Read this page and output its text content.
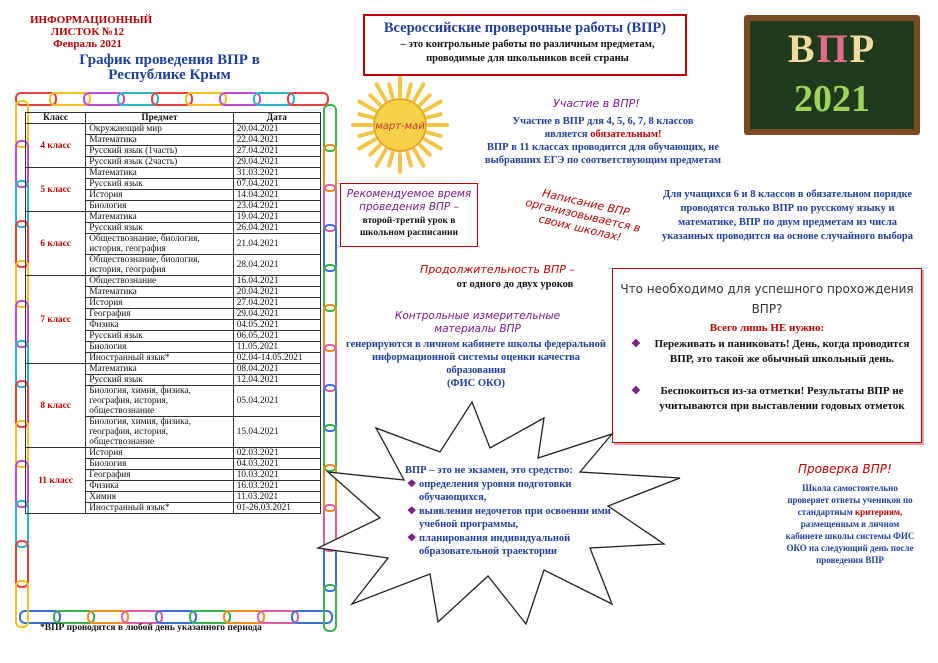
ИНФОРМАЦИОННЫЙ
ЛИСТОК №12
Февраль 2021
График проведения ВПР в
Республике Крым
Класс	Предмет	Дата
4 класс	Окружающий мир	20.04.2021
	Математика	22.04.2021
	Русский язык (1часть)	27.04.2021
	Русский язык (2часть)	29.04.2021
5 класс	Математика	31.03.2021
	Русский язык	07.04.2021
	История	14.04.2021
	Биология	23.04.2021
6 класс	Математика	19.04.2021
	Русский язык	26.04.2021
	Обществознание, биология, история, география	21.04.2021
	Обществознание, биология, история, география	28.04.2021
7 класс	Обществознание	16.04.2021
	Математика	20.04.2021
	История	27.04.2021
	География	29.04.2021
	Физика	04.05.2021
	Русский язык	06.05.2021
	Биология	11.05.2021
	Иностранный язык*	02.04-14.05.2021
8 класс	Математика	08.04.2021
	Русский язык	12.04.2021
	Биология, химия, физика, география, история, обществознание	05.04.2021
	Биология, химия, физика, география, история, обществознание	15.04.2021
11 класс	История	02.03.2021
	Биология	04.03.2021
	География	10.03.2021
	Физика	16.03.2021
	Химия	11.03.2021
	Иностранный язык*	01-26.03.2021
*ВПР проводятся в любой день указанного периода
Всероссийские проверочные работы (ВПР)
– это контрольные работы по различным предметам, проводимые для школьников всей страны
март-май
ВПР
2021
Участие в ВПР!
Участие в ВПР для 4, 5, 6, 7, 8 классов
является обязательным!
ВПР в 11 классах проводится для обучающих, не выбравших ЕГЭ по соответствующим предметам
Рекомендуемое время проведения ВПР –
второй-третий урок в школьном расписании
Написание ВПР организовывается в своих школах!
Для учащихся 6 и 8 классов в обязательном порядке проводятся только ВПР по русскому языку и математике, ВПР по двум предметам из числа указанных проводится на основе случайного выбора
Продолжительность ВПР –
от одного до двух уроков
Контрольные измерительные материалы ВПР
генерируются в личном кабинете школы федеральной информационной системы оценки качества образования
(ФИС ОКО)
Что необходимо для успешного прохождения ВПР?
Всего лишь НЕ нужно:
❖	Переживать и паниковать! День, когда проводится ВПР, это такой же обычный школьный день.
❖	Беспокоиться из-за отметки! Результаты ВПР не учитываются при выставлении годовых отметок
ВПР – это не экзамен, это средство:
❖ определения уровня подготовки обучающихся,
❖ выявления недочетов при освоении ими учебной программы,
❖ планирования индивидуальной образовательной траектории
Проверка ВПР!
Школа самостоятельно проверяет ответы учеников по стандартным критериям, размещенным в личном кабинете школы системы ФИС ОКО на следующий день после проведения ВПР
